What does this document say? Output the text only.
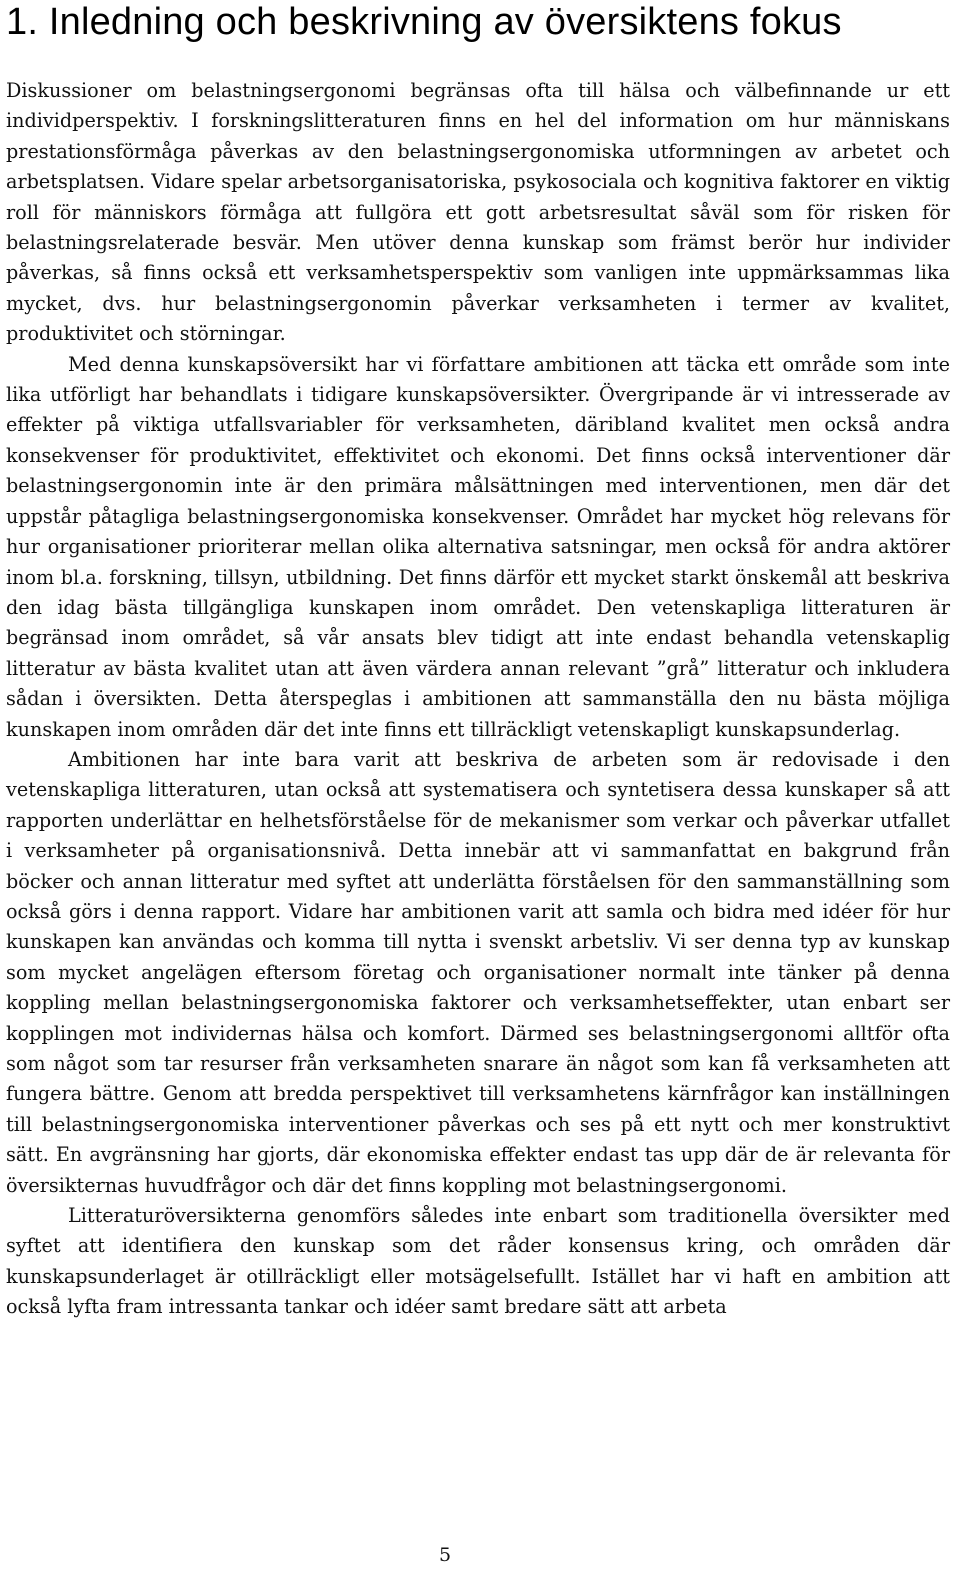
1. Inledning och beskrivning av översiktens fokus

Diskussioner om belastningsergonomi begränsas ofta till hälsa och välbefinnande ur ett individperspektiv. I forskningslitteraturen finns en hel del information om hur människans prestationsförmåga påverkas av den belastningsergonomiska utformningen av arbetet och arbetsplatsen. Vidare spelar arbetsorganisatoriska, psykosociala och kognitiva faktorer en viktig roll för människors förmåga att fullgöra ett gott arbetsresultat såväl som för risken för belastningsrelaterade besvär. Men utöver denna kunskap som främst berör hur individer påverkas, så finns också ett verksamhetsperspektiv som vanligen inte uppmärksammas lika mycket, dvs. hur belastningsergonomin påverkar verksamheten i termer av kvalitet, produktivitet och störningar.

Med denna kunskapsöversikt har vi författare ambitionen att täcka ett område som inte lika utförligt har behandlats i tidigare kunskapsöversikter. Övergripande är vi intresserade av effekter på viktiga utfallsvariabler för verksamheten, däribland kvalitet men också andra konsekvenser för produktivitet, effektivitet och ekonomi. Det finns också interventioner där belastningsergonomin inte är den primära målsättningen med interventionen, men där det uppstår påtagliga belastningsergonomiska konsekvenser. Området har mycket hög relevans för hur organisationer prioriterar mellan olika alternativa satsningar, men också för andra aktörer inom bl.a. forskning, tillsyn, utbildning. Det finns därför ett mycket starkt önskemål att beskriva den idag bästa tillgängliga kunskapen inom området. Den vetenskapliga litteraturen är begränsad inom området, så vår ansats blev tidigt att inte endast behandla vetenskaplig litteratur av bästa kvalitet utan att även värdera annan relevant ”grå” litteratur och inkludera sådan i översikten. Detta återspeglas i ambitionen att sammanställa den nu bästa möjliga kunskapen inom områden där det inte finns ett tillräckligt vetenskapligt kunskapsunderlag.

Ambitionen har inte bara varit att beskriva de arbeten som är redovisade i den vetenskapliga litteraturen, utan också att systematisera och syntetisera dessa kunskaper så att rapporten underlättar en helhetsförståelse för de mekanismer som verkar och påverkar utfallet i verksamheter på organisationsnivå. Detta innebär att vi sammanfattat en bakgrund från böcker och annan litteratur med syftet att underlätta förståelsen för den sammanställning som också görs i denna rapport. Vidare har ambitionen varit att samla och bidra med idéer för hur kunskapen kan användas och komma till nytta i svenskt arbetsliv. Vi ser denna typ av kunskap som mycket angelägen eftersom företag och organisationer normalt inte tänker på denna koppling mellan belastningsergonomiska faktorer och verksamhetseffekter, utan enbart ser kopplingen mot individernas hälsa och komfort. Därmed ses belastningsergonomi alltför ofta som något som tar resurser från verksamheten snarare än något som kan få verksamheten att fungera bättre. Genom att bredda perspektivet till verksamhetens kärnfrågor kan inställningen till belastningsergonomiska interventioner påverkas och ses på ett nytt och mer konstruktivt sätt. En avgränsning har gjorts, där ekonomiska effekter endast tas upp där de är relevanta för översikternas huvudfrågor och där det finns koppling mot belastningsergonomi.

Litteraturöversikterna genomförs således inte enbart som traditionella översikter med syftet att identifiera den kunskap som det råder konsensus kring, och områden där kunskapsunderlaget är otillräckligt eller motsägelsefullt. Istället har vi haft en ambition att också lyfta fram intressanta tankar och idéer samt bredare sätt att arbeta

5
